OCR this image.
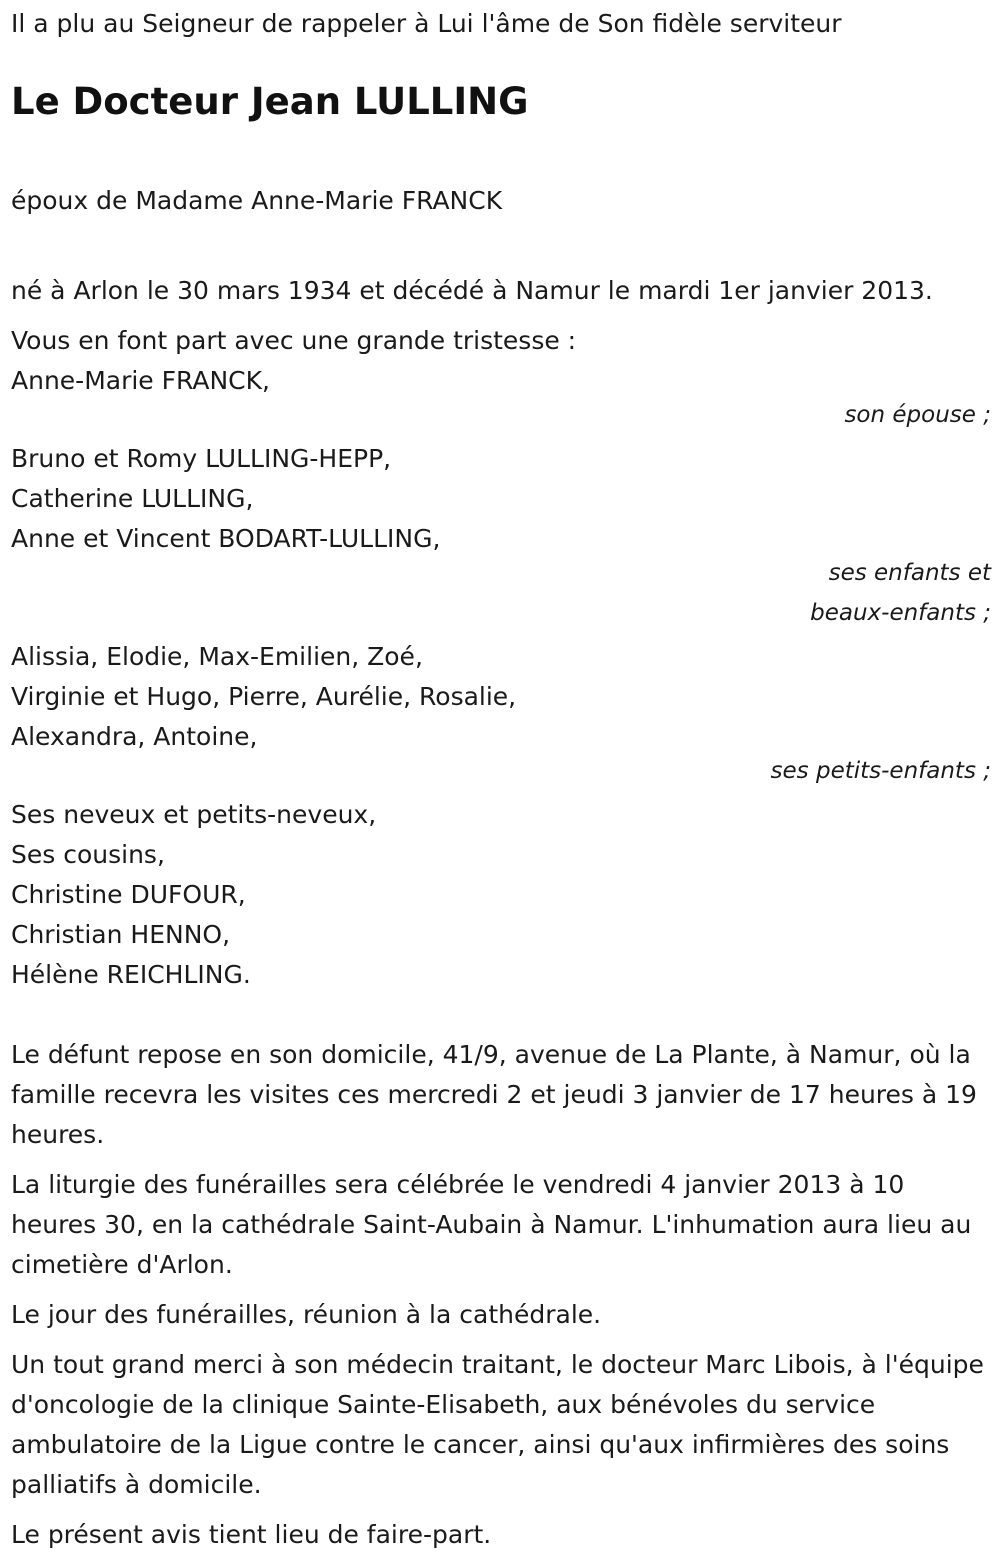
Il a plu au Seigneur de rappeler à Lui l'âme de Son fidèle serviteur

Le Docteur Jean LULLING

époux de Madame Anne-Marie FRANCK

né à Arlon le 30 mars 1934 et décédé à Namur le mardi 1er janvier 2013.

Vous en font part avec une grande tristesse :

Anne-Marie FRANCK,
son épouse ;
Bruno et Romy LULLING-HEPP,
Catherine LULLING,
Anne et Vincent BODART-LULLING,
ses enfants et
beaux-enfants ;
Alissia, Elodie, Max-Emilien, Zoé,
Virginie et Hugo, Pierre, Aurélie, Rosalie,
Alexandra, Antoine,
ses petits-enfants ;
Ses neveux et petits-neveux,
Ses cousins,
Christine DUFOUR,
Christian HENNO,
Hélène REICHLING.

Le défunt repose en son domicile, 41/9, avenue de La Plante, à Namur, où la famille recevra les visites ces mercredi 2 et jeudi 3 janvier de 17 heures à 19 heures.

La liturgie des funérailles sera célébrée le vendredi 4 janvier 2013 à 10 heures 30, en la cathédrale Saint-Aubain à Namur. L'inhumation aura lieu au cimetière d'Arlon.

Le jour des funérailles, réunion à la cathédrale.

Un tout grand merci à son médecin traitant, le docteur Marc Libois, à l'équipe d'oncologie de la clinique Sainte-Elisabeth, aux bénévoles du service ambulatoire de la Ligue contre le cancer, ainsi qu'aux infirmières des soins palliatifs à domicile.

Le présent avis tient lieu de faire-part.
